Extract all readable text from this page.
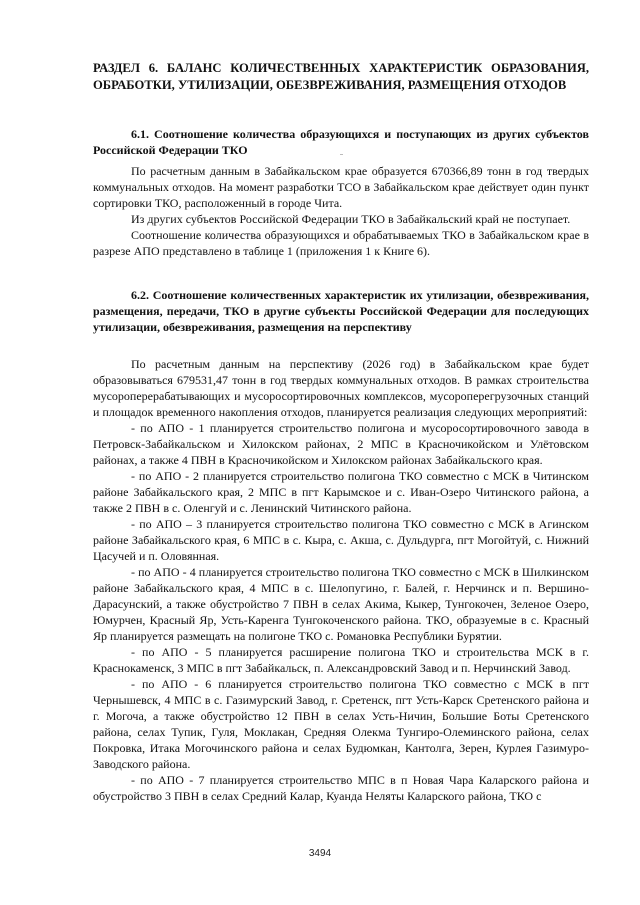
РАЗДЕЛ 6. БАЛАНС КОЛИЧЕСТВЕННЫХ ХАРАКТЕРИСТИК ОБРАЗОВАНИЯ, ОБРАБОТКИ, УТИЛИЗАЦИИ, ОБЕЗВРЕЖИВАНИЯ, РАЗМЕЩЕНИЯ ОТХОДОВ
6.1. Соотношение количества образующихся и поступающих из других субъектов Российской Федерации ТКО

По расчетным данным в Забайкальском крае образуется 670366,89 тонн в год твердых коммунальных отходов. На момент разработки ТСО в Забайкальском крае действует один пункт сортировки ТКО, расположенный в городе Чита.

Из других субъектов Российской Федерации ТКО в Забайкальский край не поступает.

Соотношение количества образующихся и обрабатываемых ТКО в Забайкальском крае в разрезе АПО представлено в таблице 1 (приложения 1 к Книге 6).

6.2. Соотношение количественных характеристик их утилизации, обезвреживания, размещения, передачи, ТКО в другие субъекты Российской Федерации для последующих утилизации, обезвреживания, размещения на перспективу

По расчетным данным на перспективу (2026 год) в Забайкальском крае будет образовываться 679531,47 тонн в год твердых коммунальных отходов. В рамках строительства мусороперерабатывающих и мусоросортировочных комплексов, мусороперегрузочных станций и площадок временного накопления отходов, планируется реализация следующих мероприятий:

- по АПО - 1 планируется строительство полигона и мусоросортировочного завода в Петровск-Забайкальском и Хилокском районах, 2 МПС в Красночикойском и Улётовском районах, а также 4 ПВН в Красночикойском и Хилокском районах Забайкальского края.

- по АПО - 2 планируется строительство полигона ТКО совместно с МСК в Читинском районе Забайкальского края, 2 МПС в пгт Карымское и с. Иван-Озеро Читинского района, а также 2 ПВН в с. Оленгуй и с. Ленинский Читинского района.

- по АПО – 3 планируется строительство полигона ТКО совместно с МСК в Агинском районе Забайкальского края, 6 МПС в с. Кыра, с. Акша, с. Дульдурга, пгт Могойтуй, с. Нижний Цасучей и п. Оловянная.

- по АПО - 4 планируется строительство полигона ТКО совместно с МСК в Шилкинском районе Забайкальского края, 4 МПС в с. Шелопугино, г. Балей, г. Нерчинск и п. Вершино-Дарасунский, а также обустройство 7 ПВН в селах Акима, Кыкер, Тунгокочен, Зеленое Озеро, Юмурчен, Красный Яр, Усть-Каренга Тунгокоченского района. ТКО, образуемые в с. Красный Яр планируется размещать на полигоне ТКО с. Романовка Республики Бурятии.

- по АПО - 5 планируется расширение полигона ТКО и строительства МСК в г. Краснокаменск, 3 МПС в пгт Забайкальск, п. Александровский Завод и п. Нерчинский Завод.

- по АПО - 6 планируется строительство полигона ТКО совместно с МСК в пгт Чернышевск, 4 МПС в с. Газимурский Завод, г. Сретенск, пгт Усть-Карск Сретенского района и г. Могоча, а также обустройство 12 ПВН в селах Усть-Ничин, Большие Боты Сретенского района, селах Тупик, Гуля, Моклакан, Средняя Олекма Тунгиро-Олеминского района, селах Покровка, Итака Могочинского района и селах Будюмкан, Кантолга, Зерен, Курлея Газимуро-Заводского района.

- по АПО - 7 планируется строительство МПС в п Новая Чара Каларского района и обустройство 3 ПВН в селах Средний Калар, Куанда Неляты Каларского района, ТКО с

3494
